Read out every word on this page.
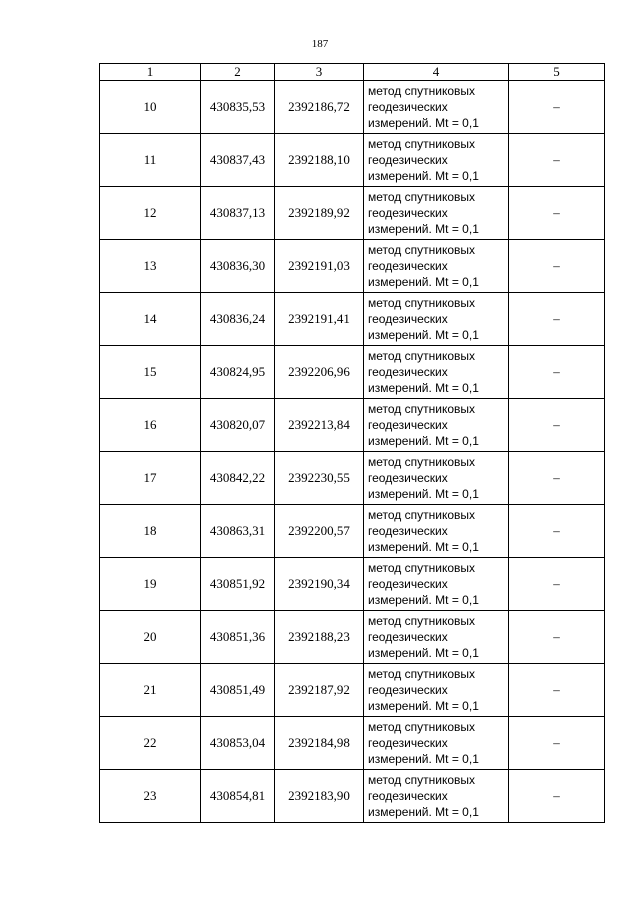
187
1	2	3	4	5
10	430835,53	2392186,72	метод спутниковых
геодезических
измерений. Mt = 0,1	–
11	430837,43	2392188,10	метод спутниковых
геодезических
измерений. Mt = 0,1	–
12	430837,13	2392189,92	метод спутниковых
геодезических
измерений. Mt = 0,1	–
13	430836,30	2392191,03	метод спутниковых
геодезических
измерений. Mt = 0,1	–
14	430836,24	2392191,41	метод спутниковых
геодезических
измерений. Mt = 0,1	–
15	430824,95	2392206,96	метод спутниковых
геодезических
измерений. Mt = 0,1	–
16	430820,07	2392213,84	метод спутниковых
геодезических
измерений. Mt = 0,1	–
17	430842,22	2392230,55	метод спутниковых
геодезических
измерений. Mt = 0,1	–
18	430863,31	2392200,57	метод спутниковых
геодезических
измерений. Mt = 0,1	–
19	430851,92	2392190,34	метод спутниковых
геодезических
измерений. Mt = 0,1	–
20	430851,36	2392188,23	метод спутниковых
геодезических
измерений. Mt = 0,1	–
21	430851,49	2392187,92	метод спутниковых
геодезических
измерений. Mt = 0,1	–
22	430853,04	2392184,98	метод спутниковых
геодезических
измерений. Mt = 0,1	–
23	430854,81	2392183,90	метод спутниковых
геодезических
измерений. Mt = 0,1	–
